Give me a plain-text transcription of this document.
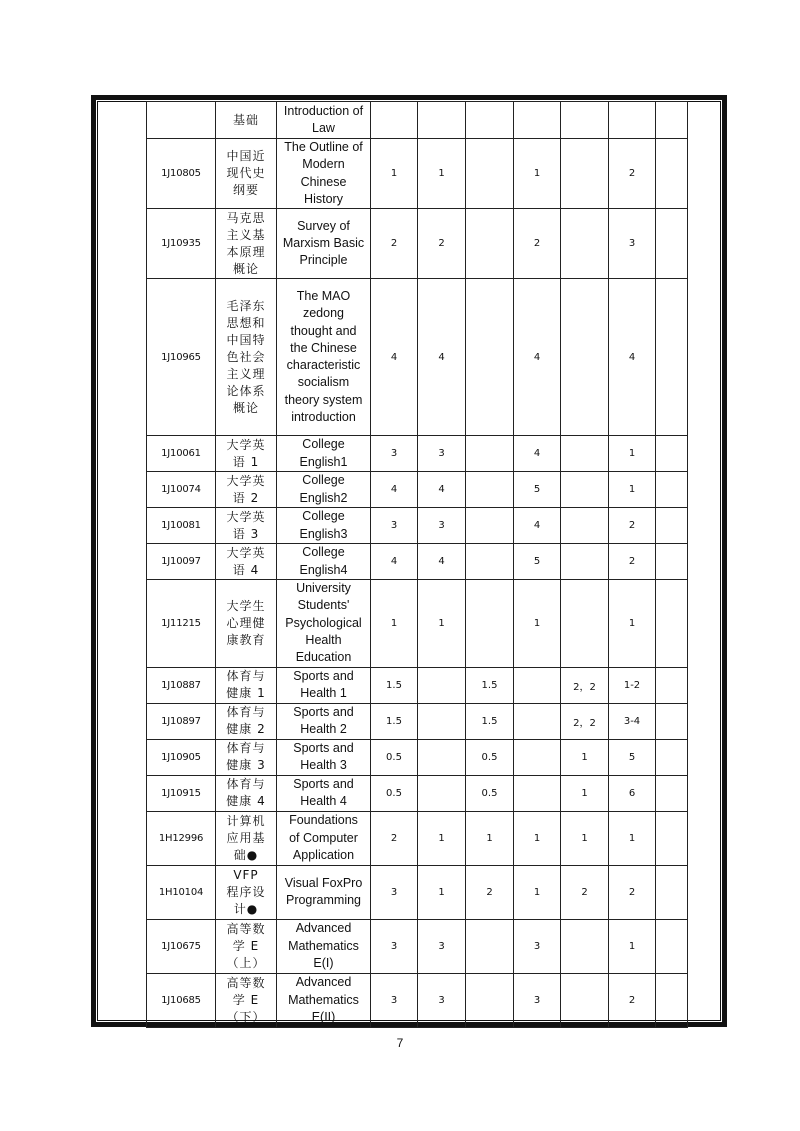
	基础	Introduction of Law							
1J10805	中国近现代史纲要	The Outline of Modern Chinese History	1	1		1		2	
1J10935	马克思主义基本原理概论	Survey of Marxism Basic Principle	2	2		2		3	
1J10965	毛泽东思想和中国特色社会主义理论体系概论	The MAO zedong thought and the Chinese characteristic socialism theory system introduction	4	4		4		4	
1J10061	大学英语 1	College English1	3	3		4		1	
1J10074	大学英语 2	College English2	4	4		5		1	
1J10081	大学英语 3	College English3	3	3		4		2	
1J10097	大学英语 4	College English4	4	4		5		2	
1J11215	大学生心理健康教育	University Students' Psychological Health Education	1	1		1		1	
1J10887	体育与健康 1	Sports and Health 1	1.5		1.5		2，2	1-2	
1J10897	体育与健康 2	Sports and Health 2	1.5		1.5		2，2	3-4	
1J10905	体育与健康 3	Sports and Health 3	0.5		0.5		1	5	
1J10915	体育与健康 4	Sports and Health 4	0.5		0.5		1	6	
1H12996	计算机应用基础●	Foundations of Computer Application	2	1	1	1	1	1	
1H10104	VFP 程序设计●	Visual FoxPro Programming	3	1	2	1	2	2	
1J10675	高等数学 E（上）	Advanced Mathematics E(I)	3	3		3		1	
1J10685	高等数学 E（下）	Advanced Mathematics E(II)	3	3		3		2	
7
